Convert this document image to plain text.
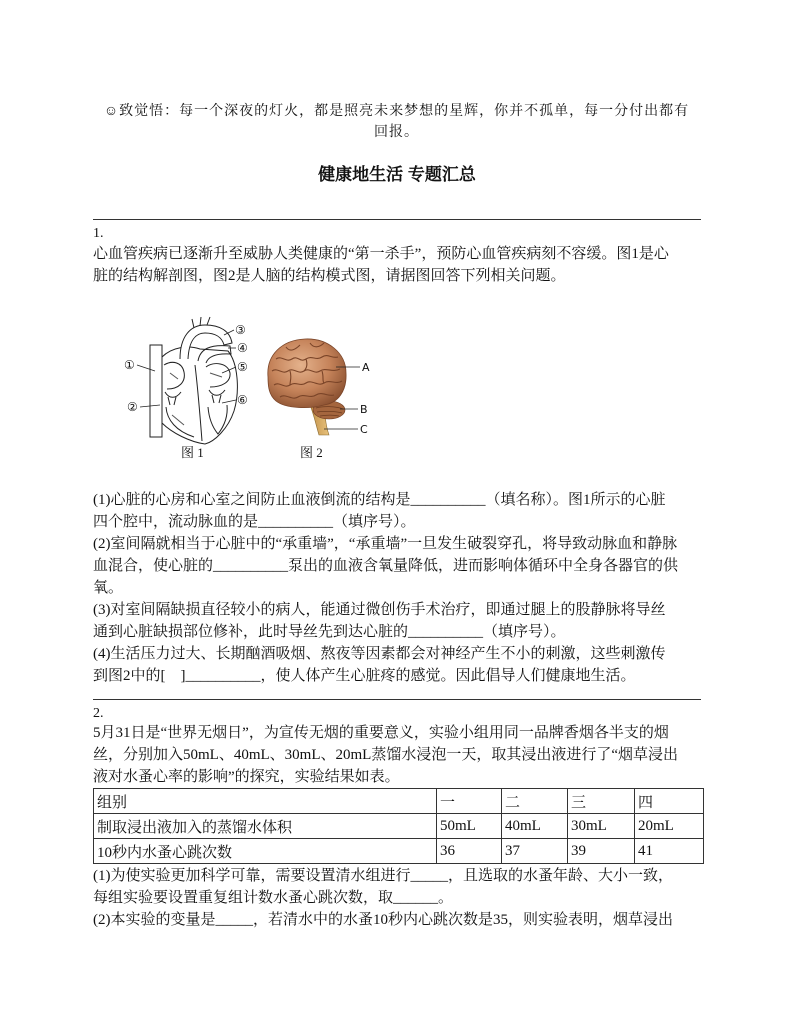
☺致觉悟：每一个深夜的灯火，都是照亮未来梦想的星辉，你并不孤单，每一分付出都有
回报。
健康地生活 专题汇总
1.
心血管疾病已逐渐升至威胁人类健康的“第一杀手”，预防心血管疾病刻不容缓。图1是心
脏的结构解剖图，图2是人脑的结构模式图，请据图回答下列相关问题。
①
②
③
④
⑤
⑥
A
B
C
图 1	图 2
(1)心脏的心房和心室之间防止血液倒流的结构是__________（填名称）。图1所示的心脏
四个腔中，流动脉血的是__________（填序号）。
(2)室间隔就相当于心脏中的“承重墙”，“承重墙”一旦发生破裂穿孔，将导致动脉血和静脉
血混合，使心脏的__________泵出的血液含氧量降低，进而影响体循环中全身各器官的供
氧。
(3)对室间隔缺损直径较小的病人，能通过微创伤手术治疗，即通过腿上的股静脉将导丝
通到心脏缺损部位修补，此时导丝先到达心脏的__________（填序号）。
(4)生活压力过大、长期酗酒吸烟、熬夜等因素都会对神经产生不小的刺激，这些刺激传
到图2中的[    ]__________，使人体产生心脏疼的感觉。因此倡导人们健康地生活。
2.
5月31日是“世界无烟日”，为宣传无烟的重要意义，实验小组用同一品牌香烟各半支的烟
丝，分别加入50mL、40mL、30mL、20mL蒸馏水浸泡一天，取其浸出液进行了“烟草浸出
液对水蚤心率的影响”的探究，实验结果如表。
组别	一	二	三	四
制取浸出液加入的蒸馏水体积	50mL	40mL	30mL	20mL
10秒内水蚤心跳次数	36	37	39	41
(1)为使实验更加科学可靠，需要设置清水组进行_____，且选取的水蚤年龄、大小一致，
每组实验要设置重复组计数水蚤心跳次数，取______。
(2)本实验的变量是_____，若清水中的水蚤10秒内心跳次数是35，则实验表明，烟草浸出
